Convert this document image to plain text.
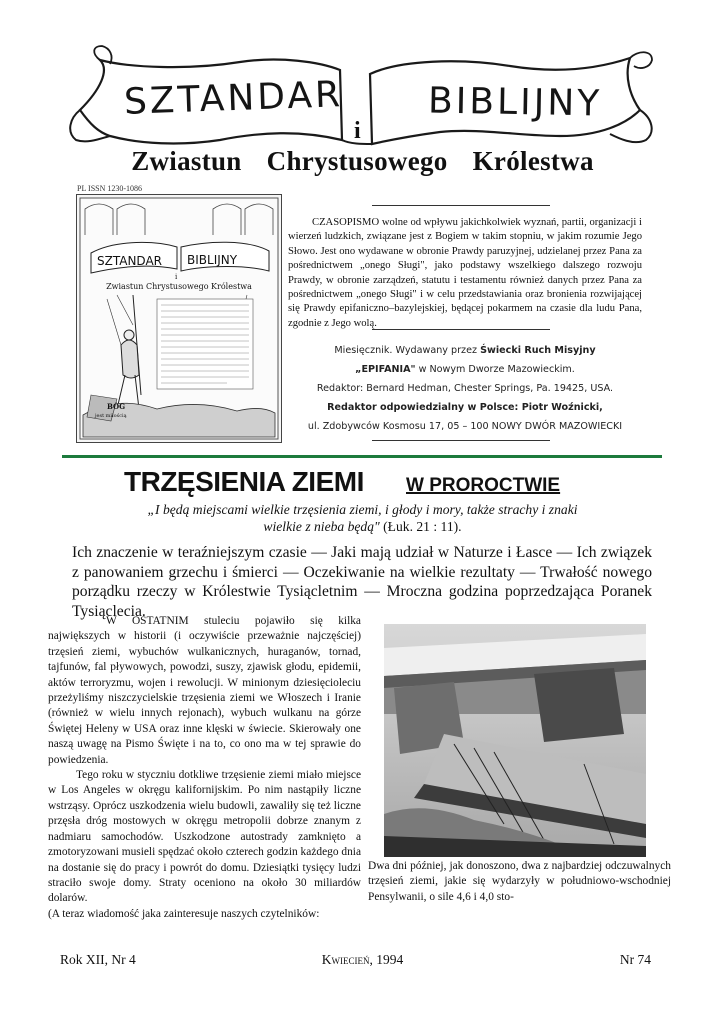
SZTANDAR BIBLIJNY
i
Zwiastun Chrystusowego Królestwa
PL ISSN 1230-1086
SZTANDAR BIBLIJNY
i
Zwiastun Chrystusowego Królestwa
BÓG
jest miłością
CZASOPISMO wolne od wpływu jakichkolwiek wyznań, partii, organizacji i wierzeń ludzkich, związane jest z Bogiem w takim stopniu, w jakim rozumie Jego Słowo. Jest ono wydawane w obronie Prawdy paruzyjnej, udzielanej przez Pana za pośrednictwem „onego Sługi", jako podstawy wszelkiego dalszego rozwoju Prawdy, w obronie zarządzeń, statutu i testamentu również danych przez Pana za pośrednictwem „onego Sługi" i w celu przedstawiania oraz bronienia rozwijającej się Prawdy epifaniczno–bazylejskiej, będącej pokarmem na czasie dla ludu Pana, zgodnie z Jego wolą.
Miesięcznik. Wydawany przez Świecki Ruch Misyjny
„EPIFANIA" w Nowym Dworze Mazowieckim.
Redaktor: Bernard Hedman, Chester Springs, Pa. 19425, USA.
Redaktor odpowiedzialny w Polsce: Piotr Woźnicki,
ul. Zdobywców Kosmosu 17, 05 – 100 NOWY DWÓR MAZOWIECKI
TRZĘSIENIA ZIEMI W PROROCTWIE
„I będą miejscami wielkie trzęsienia ziemi, i głody i mory, także strachy i znaki wielkie z nieba będą" (Łuk. 21 : 11).
Ich znaczenie w teraźniejszym czasie — Jaki mają udział w Naturze i Łasce — Ich związek z panowaniem grzechu i śmierci — Oczekiwanie na wielkie rezultaty — Trwałość nowego porządku rzeczy w Królestwie Tysiącletnim — Mroczna godzina poprzedzająca Poranek Tysiąclecia.

W OSTATNIM stuleciu pojawiło się kilka największych w historii (i oczywiście przeważnie najczęściej) trzęsień ziemi, wybuchów wulkanicznych, huraganów, tornad, tajfunów, fal pływowych, powodzi, suszy, zjawisk głodu, epidemii, aktów terroryzmu, wojen i rewolucji. W minionym dziesięcioleciu przeżyliśmy niszczycielskie trzęsienia ziemi we Włoszech i Iranie (również w wielu innych rejonach), wybuch wulkanu na górze Świętej Heleny w USA oraz inne klęski w świecie. Skierowały one naszą uwagę na Pismo Święte i na to, co ono ma w tej sprawie do powiedzenia.

Tego roku w styczniu dotkliwe trzęsienie ziemi miało miejsce w Los Angeles w okręgu kalifornijskim. Po nim nastąpiły liczne wstrząsy. Oprócz uszkodzenia wielu budowli, zawaliły się też liczne przęsła dróg mostowych w okręgu metropolii dobrze znanym z nadmiaru samochodów. Uszkodzone autostrady zamknięto a zmotoryzowani musieli spędzać około czterech godzin każdego dnia na dostanie się do pracy i powrót do domu. Dziesiątki tysięcy ludzi straciło swoje domy. Straty oceniono na około 30 miliardów dolarów.

(A teraz wiadomość jaka zainteresuje naszych czytelników:

Dwa dni później, jak donoszono, dwa z najbardziej odczuwalnych trzęsień ziemi, jakie się wydarzyły w południowo-wschodniej Pensylwanii, o sile 4,6 i 4,0 sto-
Rok XII, Nr 4	Kwiecień, 1994	Nr 74
